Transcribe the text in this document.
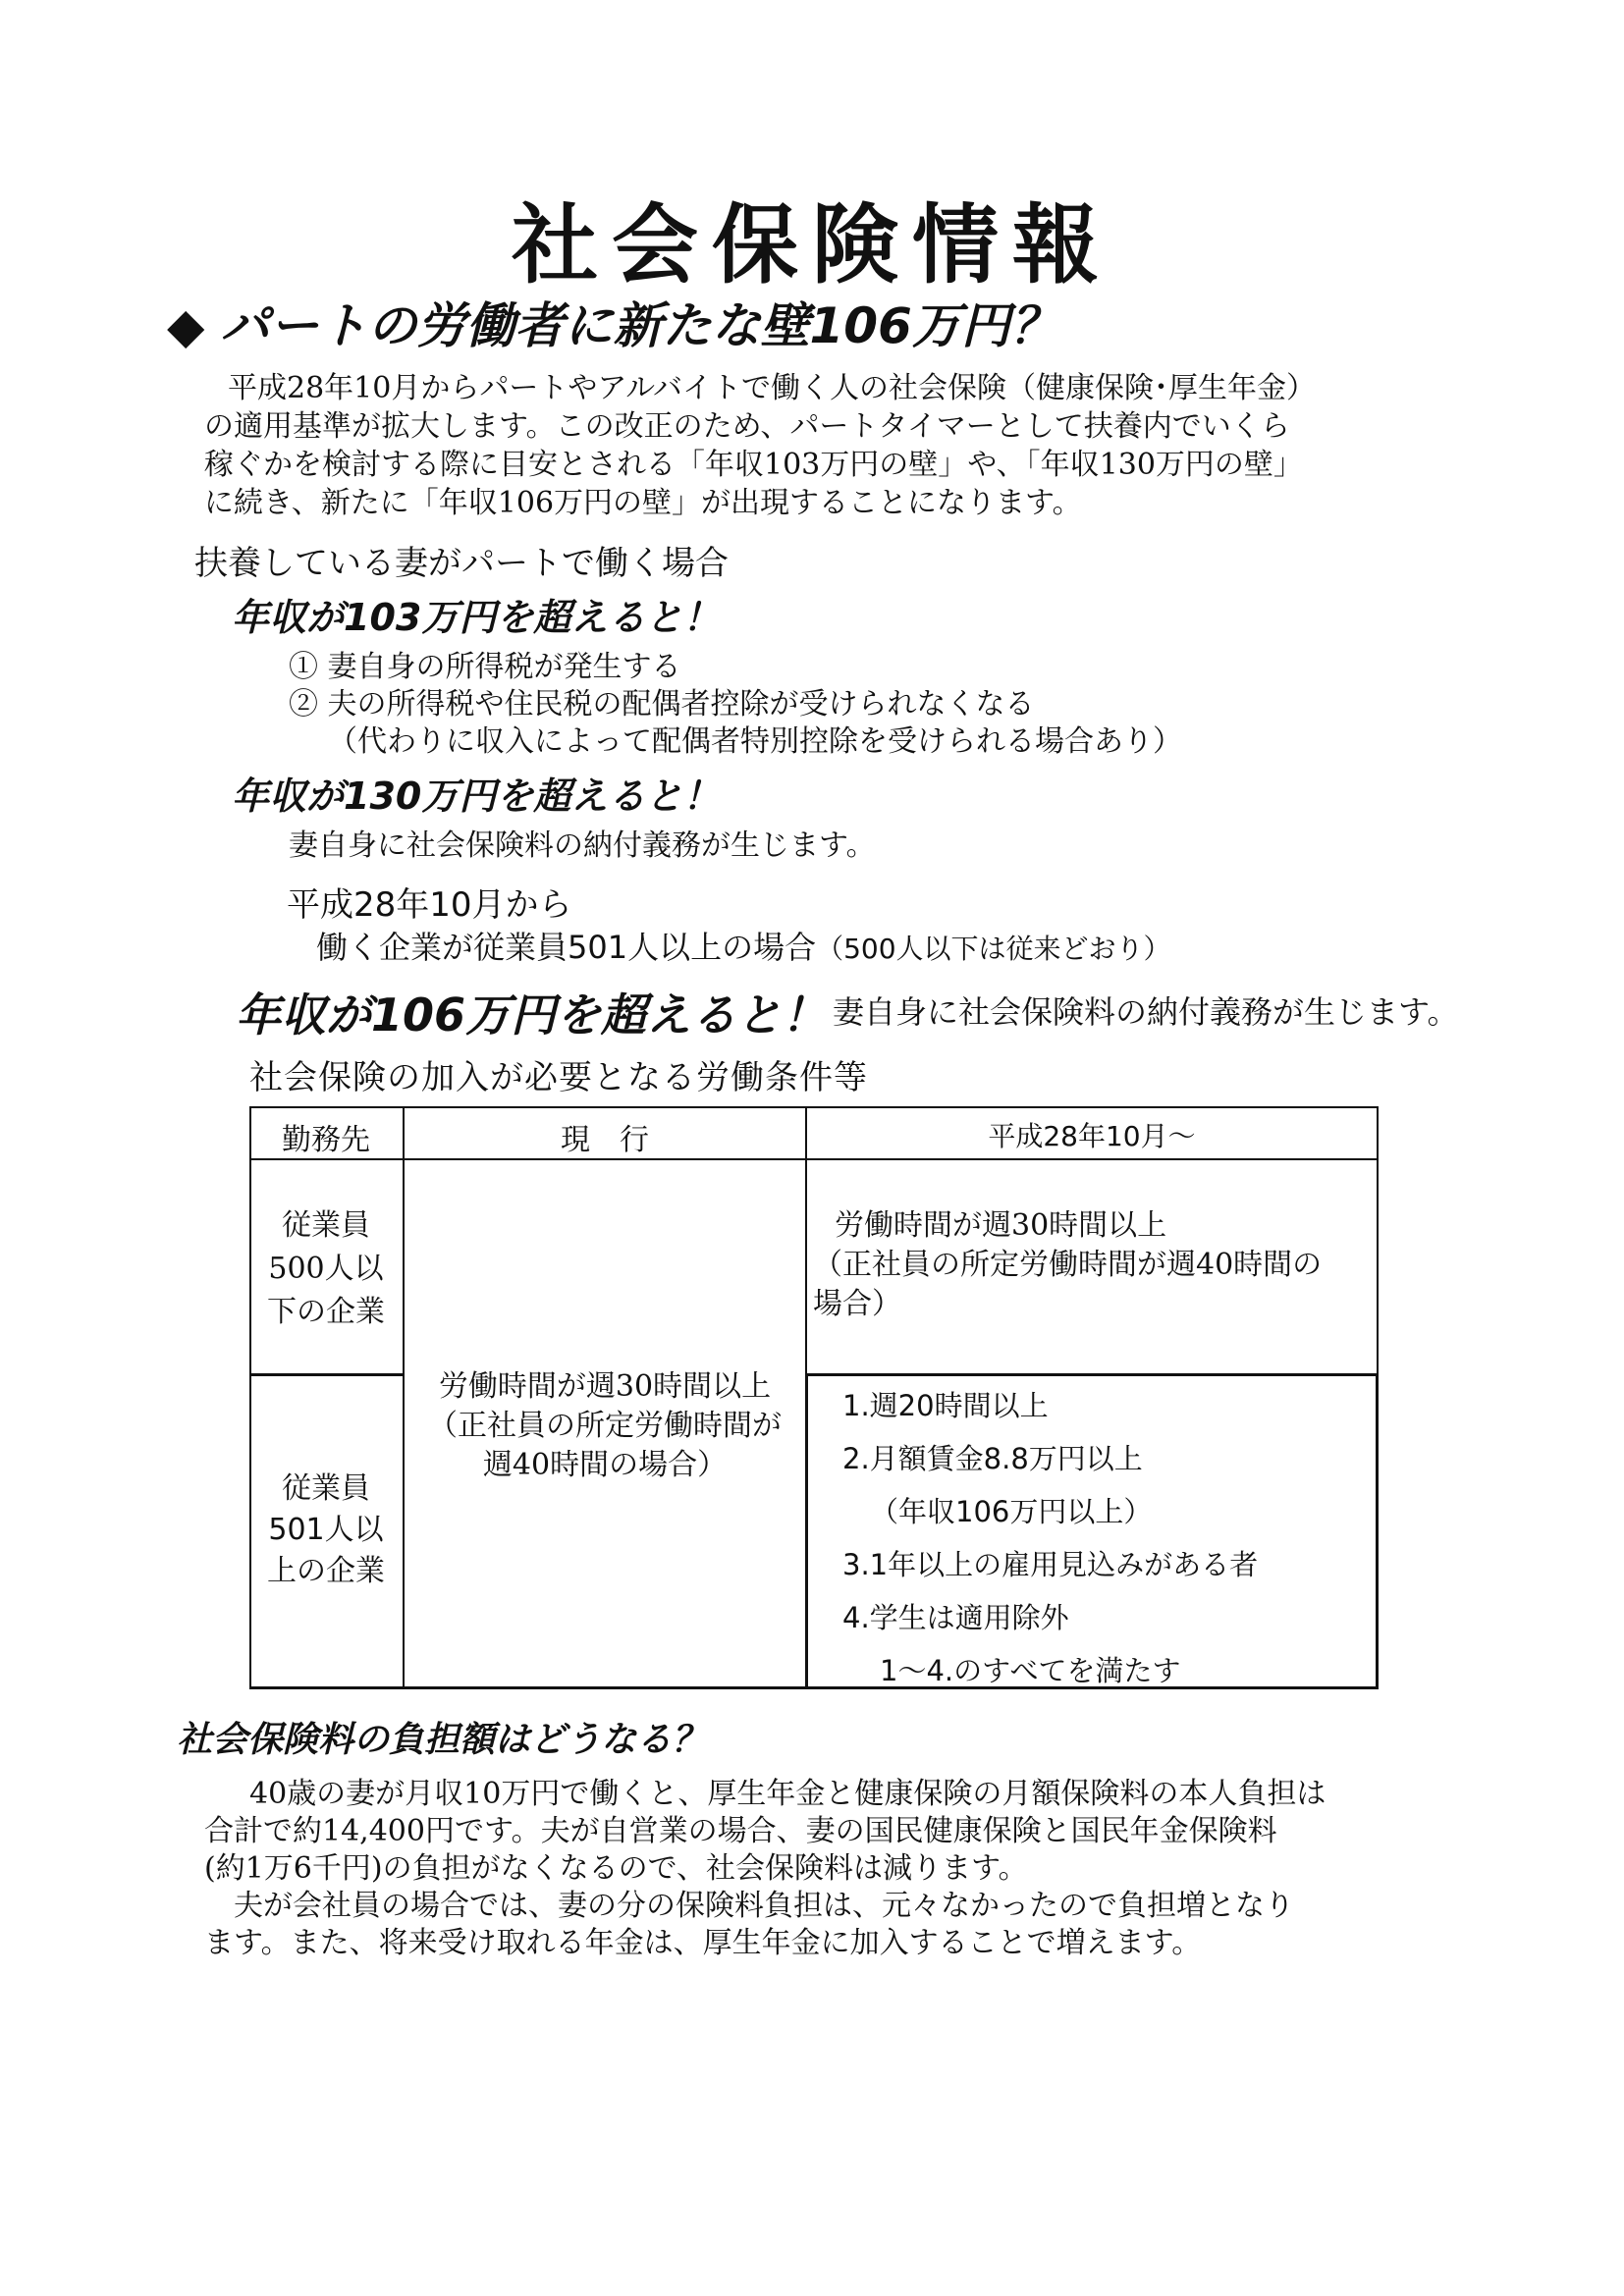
社会保険情報
◆ パートの労働者に新たな壁106万円？
平成28年10月からパートやアルバイトで働く人の社会保険（健康保険･厚生年金）
の適用基準が拡大します。この改正のため、パートタイマーとして扶養内でいくら
稼ぐかを検討する際に目安とされる「年収103万円の壁」や、「年収130万円の壁」
に続き、新たに「年収106万円の壁」が出現することになります。
扶養している妻がパートで働く場合
年収が103万円を超えると！
① 妻自身の所得税が発生する
② 夫の所得税や住民税の配偶者控除が受けられなくなる
（代わりに収入によって配偶者特別控除を受けられる場合あり）
年収が130万円を超えると！
妻自身に社会保険料の納付義務が生じます。
平成28年10月から
働く企業が従業員501人以上の場合（500人以下は従来どおり）
年収が106万円を超えると！ 妻自身に社会保険料の納付義務が生じます。
社会保険の加入が必要となる労働条件等
勤務先	現　行	平成28年10月～
従業員
500人以
下の企業
従業員
501人以
上の企業
労働時間が週30時間以上
（正社員の所定労働時間が
週40時間の場合）
労働時間が週30時間以上
（正社員の所定労働時間が週40時間の
場合）
1.週20時間以上
2.月額賃金8.8万円以上
（年収106万円以上）
3.1年以上の雇用見込みがある者
4.学生は適用除外
1～4.のすべてを満たす
社会保険料の負担額はどうなる？
40歳の妻が月収10万円で働くと、厚生年金と健康保険の月額保険料の本人負担は
合計で約14,400円です。夫が自営業の場合、妻の国民健康保険と国民年金保険料
(約1万6千円)の負担がなくなるので、社会保険料は減ります。
夫が会社員の場合では、妻の分の保険料負担は、元々なかったので負担増となり
ます。また、将来受け取れる年金は、厚生年金に加入することで増えます。
